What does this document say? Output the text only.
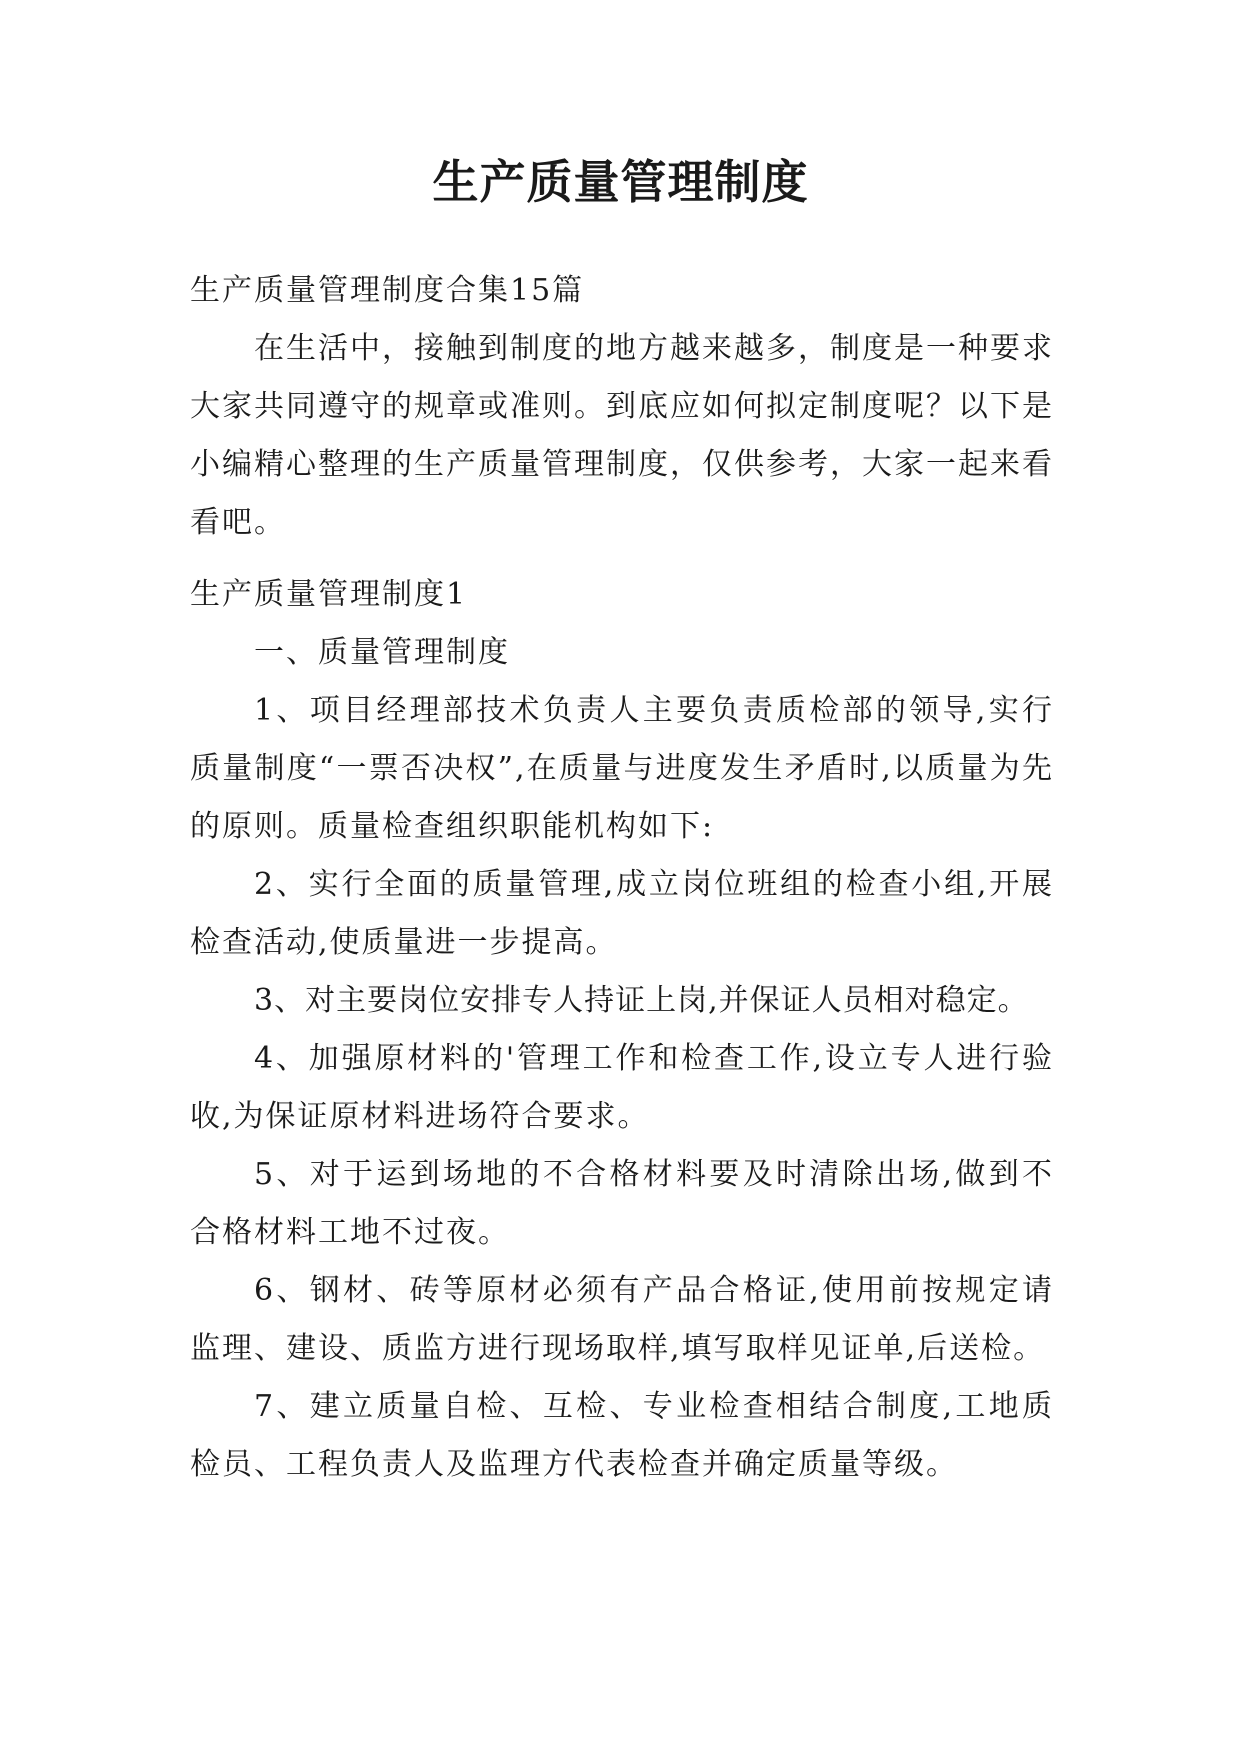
生产质量管理制度

生产质量管理制度合集15篇

在生活中，接触到制度的地方越来越多，制度是一种要求大家共同遵守的规章或准则。到底应如何拟定制度呢？以下是小编精心整理的生产质量管理制度，仅供参考，大家一起来看看吧。

生产质量管理制度1

一、质量管理制度

1、项目经理部技术负责人主要负责质检部的领导,实行质量制度“一票否决权”,在质量与进度发生矛盾时,以质量为先的原则。质量检查组织职能机构如下:

2、实行全面的质量管理,成立岗位班组的检查小组,开展检查活动,使质量进一步提高。

3、对主要岗位安排专人持证上岗,并保证人员相对稳定。

4、加强原材料的'管理工作和检查工作,设立专人进行验收,为保证原材料进场符合要求。

5、对于运到场地的不合格材料要及时清除出场,做到不合格材料工地不过夜。

6、钢材、砖等原材必须有产品合格证,使用前按规定请监理、建设、质监方进行现场取样,填写取样见证单,后送检。

7、建立质量自检、互检、专业检查相结合制度,工地质检员、工程负责人及监理方代表检查并确定质量等级。
